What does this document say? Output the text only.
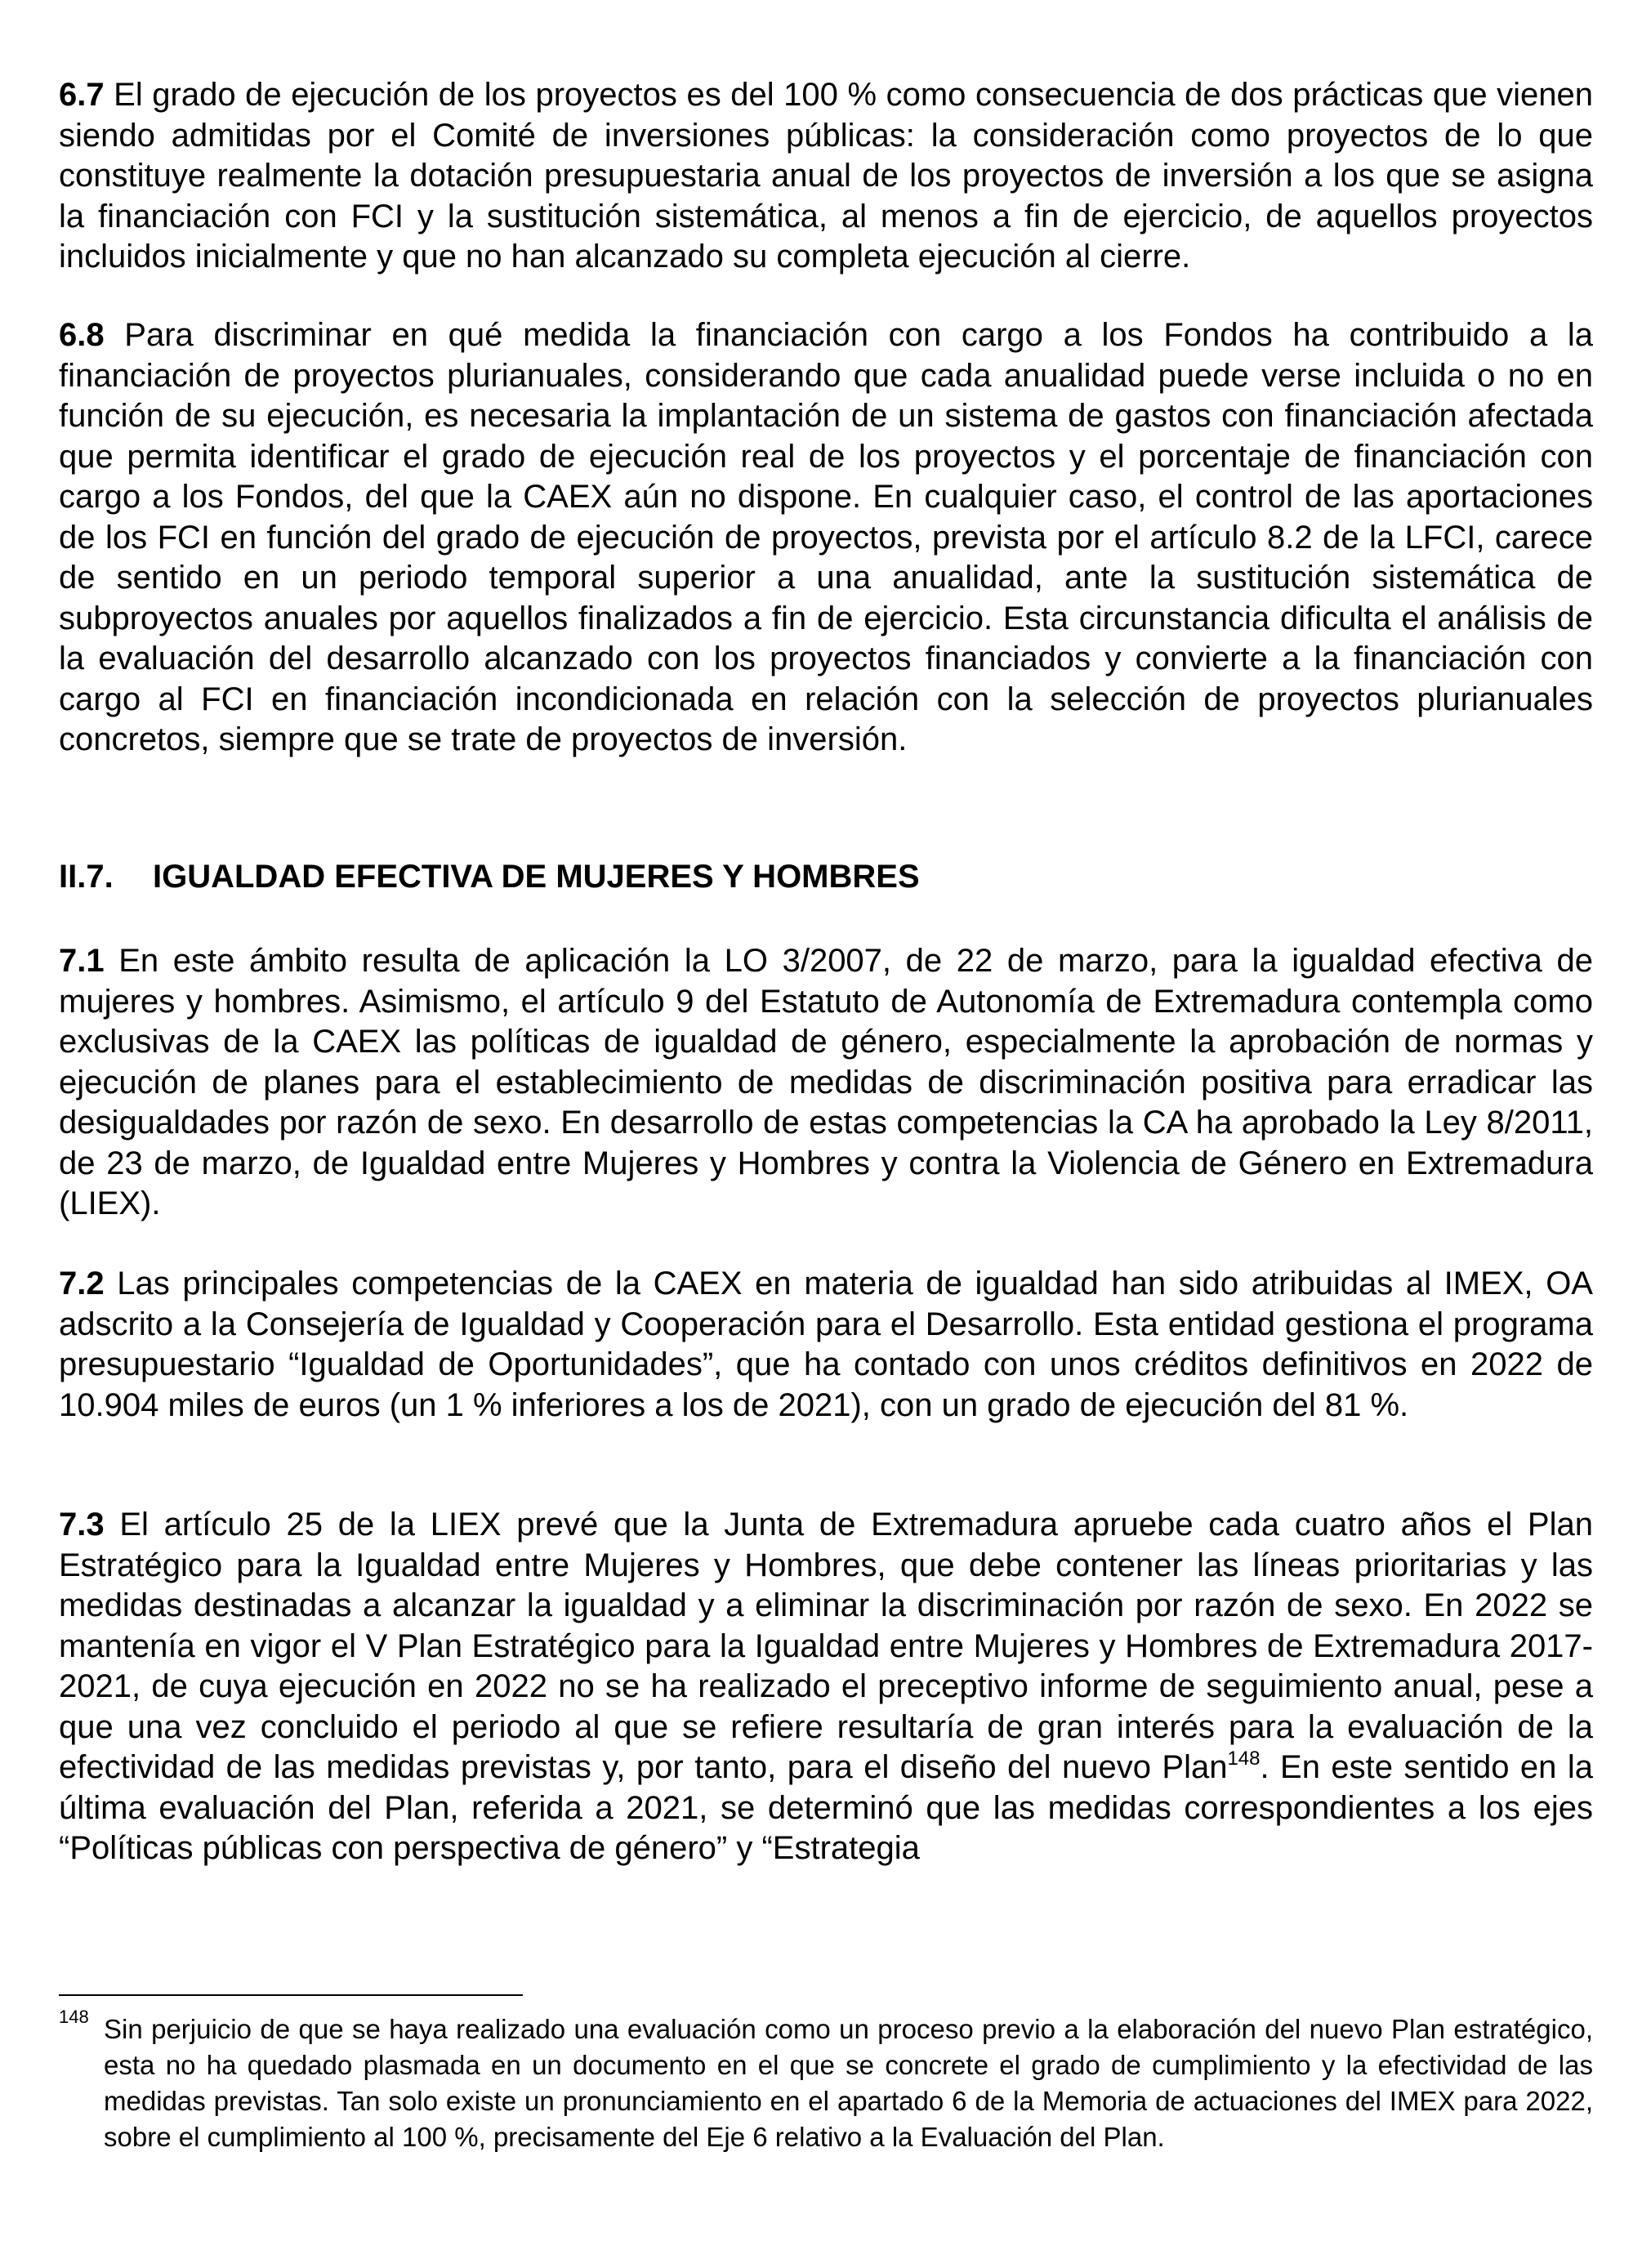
6.7 El grado de ejecución de los proyectos es del 100 % como consecuencia de dos prácticas que vienen siendo admitidas por el Comité de inversiones públicas: la consideración como proyectos de lo que constituye realmente la dotación presupuestaria anual de los proyectos de inversión a los que se asigna la financiación con FCI y la sustitución sistemática, al menos a fin de ejercicio, de aquellos proyectos incluidos inicialmente y que no han alcanzado su completa ejecución al cierre.

6.8 Para discriminar en qué medida la financiación con cargo a los Fondos ha contribuido a la financiación de proyectos plurianuales, considerando que cada anualidad puede verse incluida o no en función de su ejecución, es necesaria la implantación de un sistema de gastos con financiación afectada que permita identificar el grado de ejecución real de los proyectos y el porcentaje de financiación con cargo a los Fondos, del que la CAEX aún no dispone. En cualquier caso, el control de las aportaciones de los FCI en función del grado de ejecución de proyectos, prevista por el artículo 8.2 de la LFCI, carece de sentido en un periodo temporal superior a una anualidad, ante la sustitución sistemática de subproyectos anuales por aquellos finalizados a fin de ejercicio. Esta circunstancia dificulta el análisis de la evaluación del desarrollo alcanzado con los proyectos financiados y convierte a la financiación con cargo al FCI en financiación incondicionada en relación con la selección de proyectos plurianuales concretos, siempre que se trate de proyectos de inversión.

II.7. IGUALDAD EFECTIVA DE MUJERES Y HOMBRES

7.1 En este ámbito resulta de aplicación la LO 3/2007, de 22 de marzo, para la igualdad efectiva de mujeres y hombres. Asimismo, el artículo 9 del Estatuto de Autonomía de Extremadura contempla como exclusivas de la CAEX las políticas de igualdad de género, especialmente la aprobación de normas y ejecución de planes para el establecimiento de medidas de discriminación positiva para erradicar las desigualdades por razón de sexo. En desarrollo de estas competencias la CA ha aprobado la Ley 8/2011, de 23 de marzo, de Igualdad entre Mujeres y Hombres y contra la Violencia de Género en Extremadura (LIEX).

7.2 Las principales competencias de la CAEX en materia de igualdad han sido atribuidas al IMEX, OA adscrito a la Consejería de Igualdad y Cooperación para el Desarrollo. Esta entidad gestiona el programa presupuestario “Igualdad de Oportunidades”, que ha contado con unos créditos definitivos en 2022 de 10.904 miles de euros (un 1 % inferiores a los de 2021), con un grado de ejecución del 81 %.

7.3 El artículo 25 de la LIEX prevé que la Junta de Extremadura apruebe cada cuatro años el Plan Estratégico para la Igualdad entre Mujeres y Hombres, que debe contener las líneas prioritarias y las medidas destinadas a alcanzar la igualdad y a eliminar la discriminación por razón de sexo. En 2022 se mantenía en vigor el V Plan Estratégico para la Igualdad entre Mujeres y Hombres de Extremadura 2017-2021, de cuya ejecución en 2022 no se ha realizado el preceptivo informe de seguimiento anual, pese a que una vez concluido el periodo al que se refiere resultaría de gran interés para la evaluación de la efectividad de las medidas previstas y, por tanto, para el diseño del nuevo Plan$^{148}$. En este sentido en la última evaluación del Plan, referida a 2021, se determinó que las medidas correspondientes a los ejes “Políticas públicas con perspectiva de género” y “Estrategia

148 Sin perjuicio de que se haya realizado una evaluación como un proceso previo a la elaboración del nuevo Plan estratégico, esta no ha quedado plasmada en un documento en el que se concrete el grado de cumplimiento y la efectividad de las medidas previstas. Tan solo existe un pronunciamiento en el apartado 6 de la Memoria de actuaciones del IMEX para 2022, sobre el cumplimiento al 100 %, precisamente del Eje 6 relativo a la Evaluación del Plan.
